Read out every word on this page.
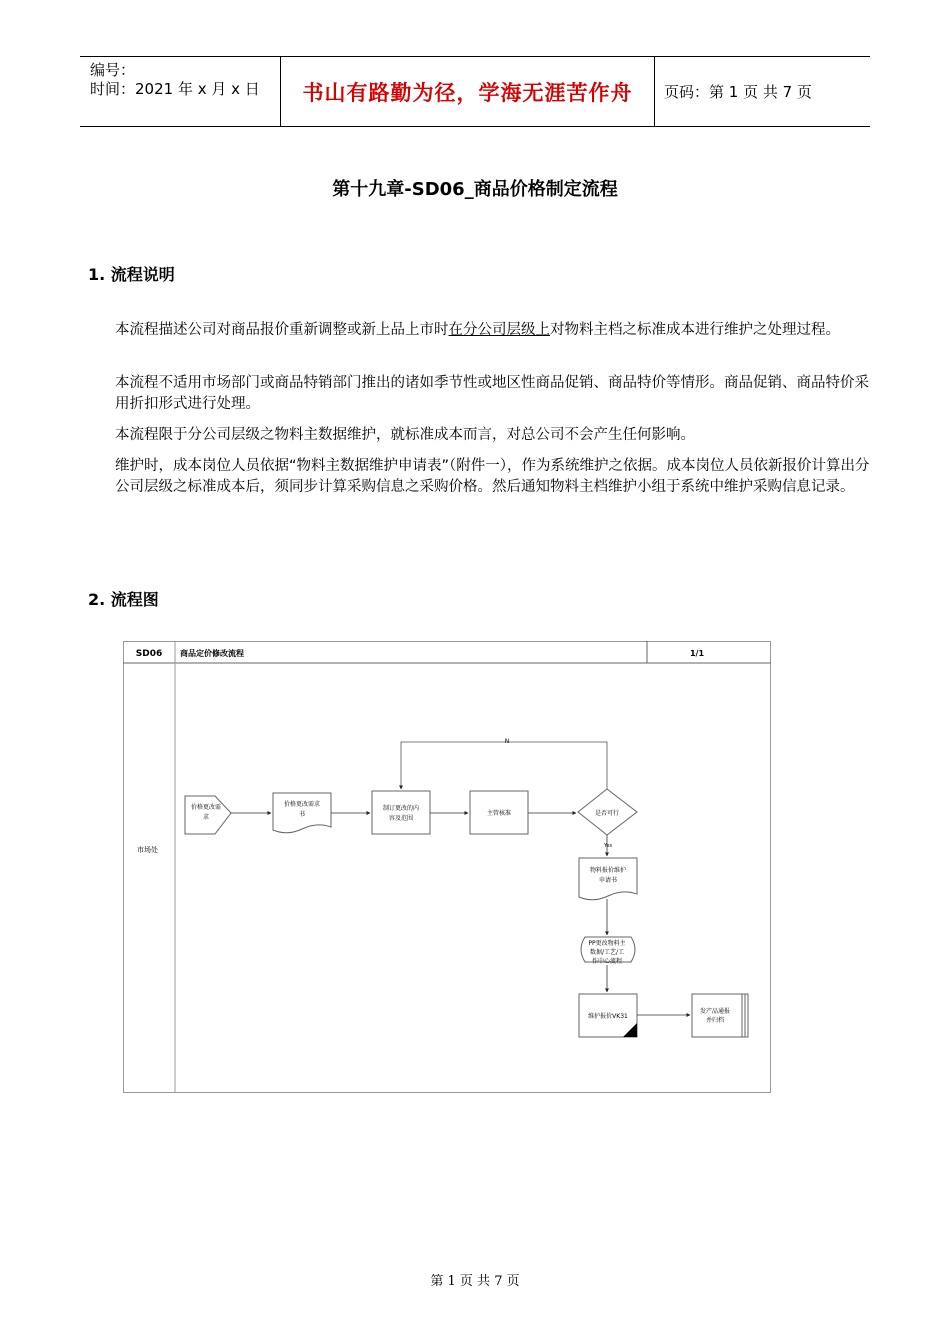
编号：
时间：2021 年 x 月 x 日	书山有路勤为径，学海无涯苦作舟	页码：第 1 页 共 7 页
第十九章-SD06_商品价格制定流程
1. 流程说明
本流程描述公司对商品报价重新调整或新上品上市时在分公司层级上对物料主档之标准成本进行维护之处理过程。
本流程不适用市场部门或商品特销部门推出的诸如季节性或地区性商品促销、商品特价等情形。商品促销、商品特价采用折扣形式进行处理。
本流程限于分公司层级之物料主数据维护，就标准成本而言，对总公司不会产生任何影响。
维护时，成本岗位人员依据“物料主数据维护申请表”（附件一），作为系统维护之依据。成本岗位人员依新报价计算出分公司层级之标准成本后，须同步计算采购信息之采购价格。然后通知物料主档维护小组于系统中维护采购信息记录。
2. 流程图
SD06 商品定价修改流程	1/1
市场处
价格更改需
求
价格更改需求
书
制订更改的内
容及范围
主管核准	是否可行
N
Yes
物料报价维护
申请书
PP更改物料主
数据/工艺/工
作中心流程
维护报价VK31
发产品通报
并归档
第 1 页 共 7 页
